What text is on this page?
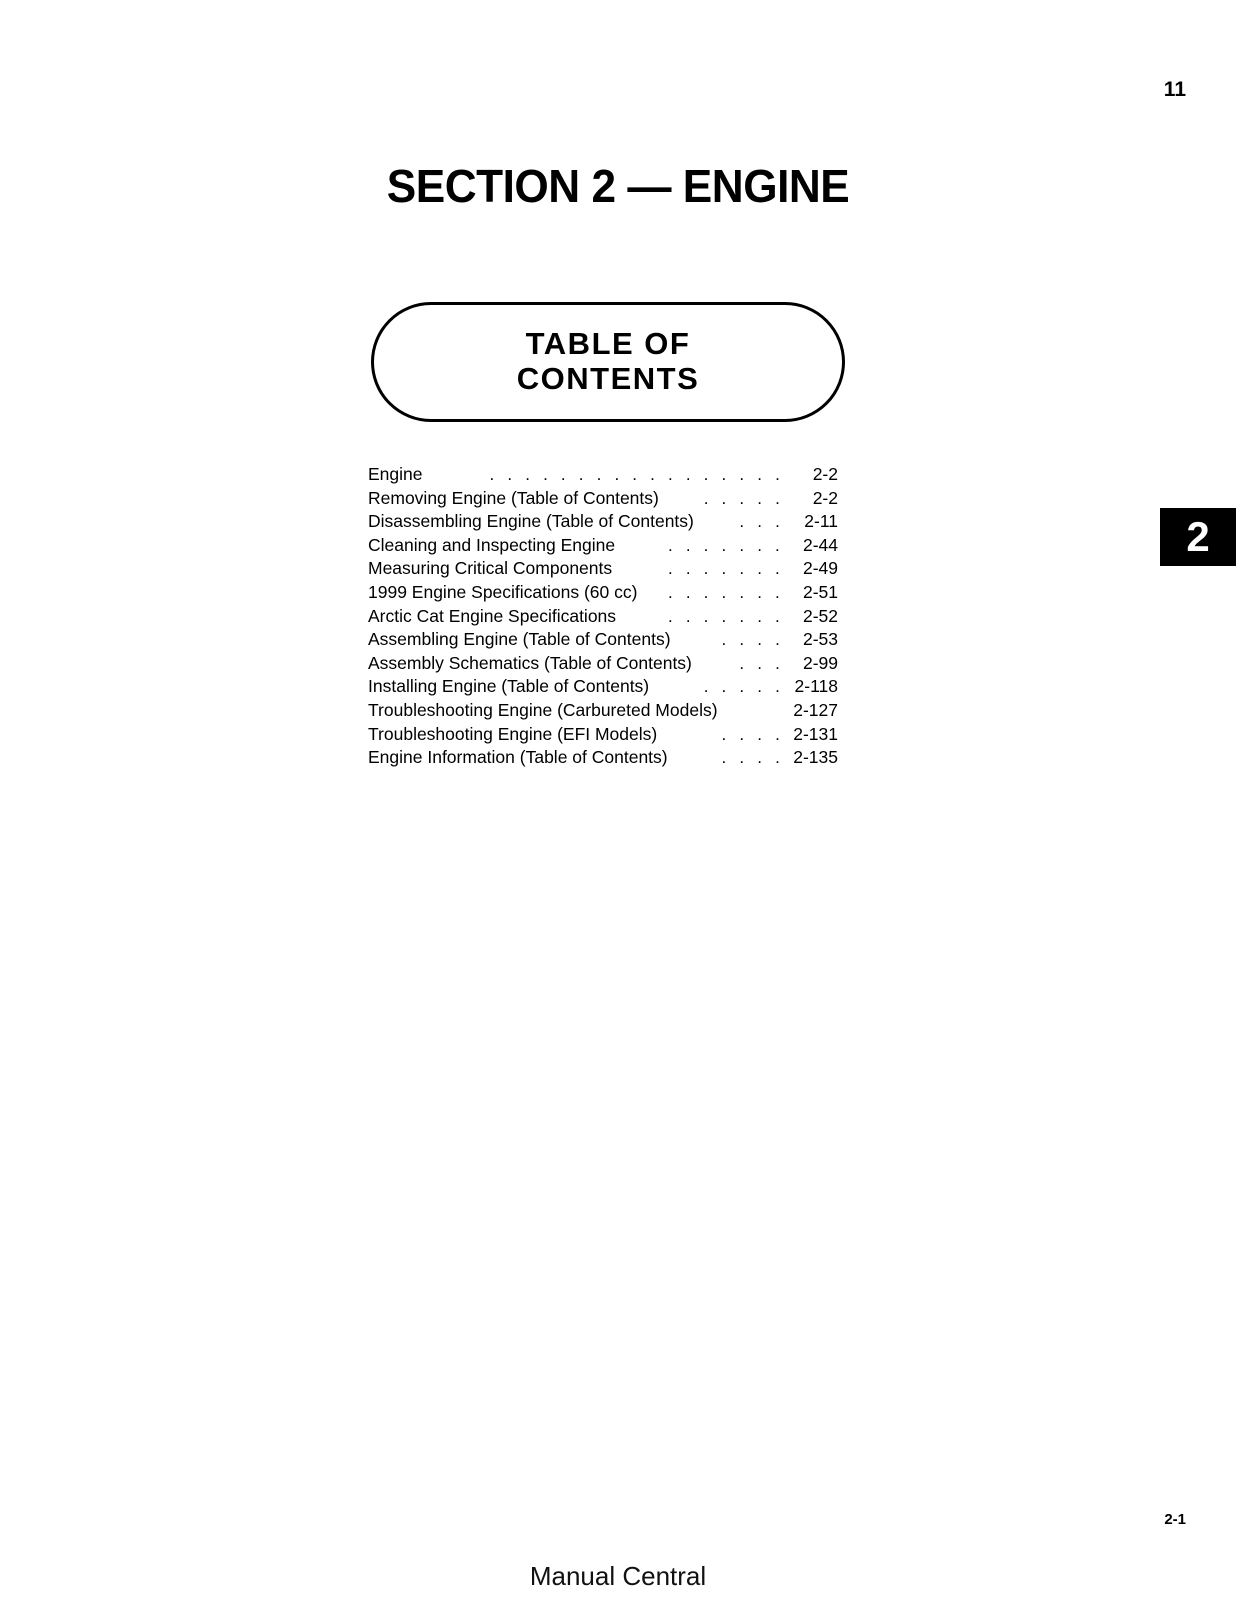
11
SECTION 2 — ENGINE
TABLE OF
CONTENTS
Engine	. . . . . . . . . . . . . . . . .	2-2
Removing Engine (Table of Contents)	. . . . .	2-2
Disassembling Engine (Table of Contents)	. . .	2-11
Cleaning and Inspecting Engine	. . . . . . .	2-44
Measuring Critical Components	. . . . . . .	2-49
1999 Engine Specifications (60 cc)	. . . . . . .	2-51
Arctic Cat Engine Specifications	. . . . . . .	2-52
Assembling Engine (Table of Contents)	. . . .	2-53
Assembly Schematics (Table of Contents)	. . .	2-99
Installing Engine (Table of Contents)	. . . . . 2-118
Troubleshooting Engine (Carbureted Models)	2-127
Troubleshooting Engine (EFI Models)	. . . . 2-131
Engine Information (Table of Contents)	. . . . 2-135
2
2-1
Manual Central
